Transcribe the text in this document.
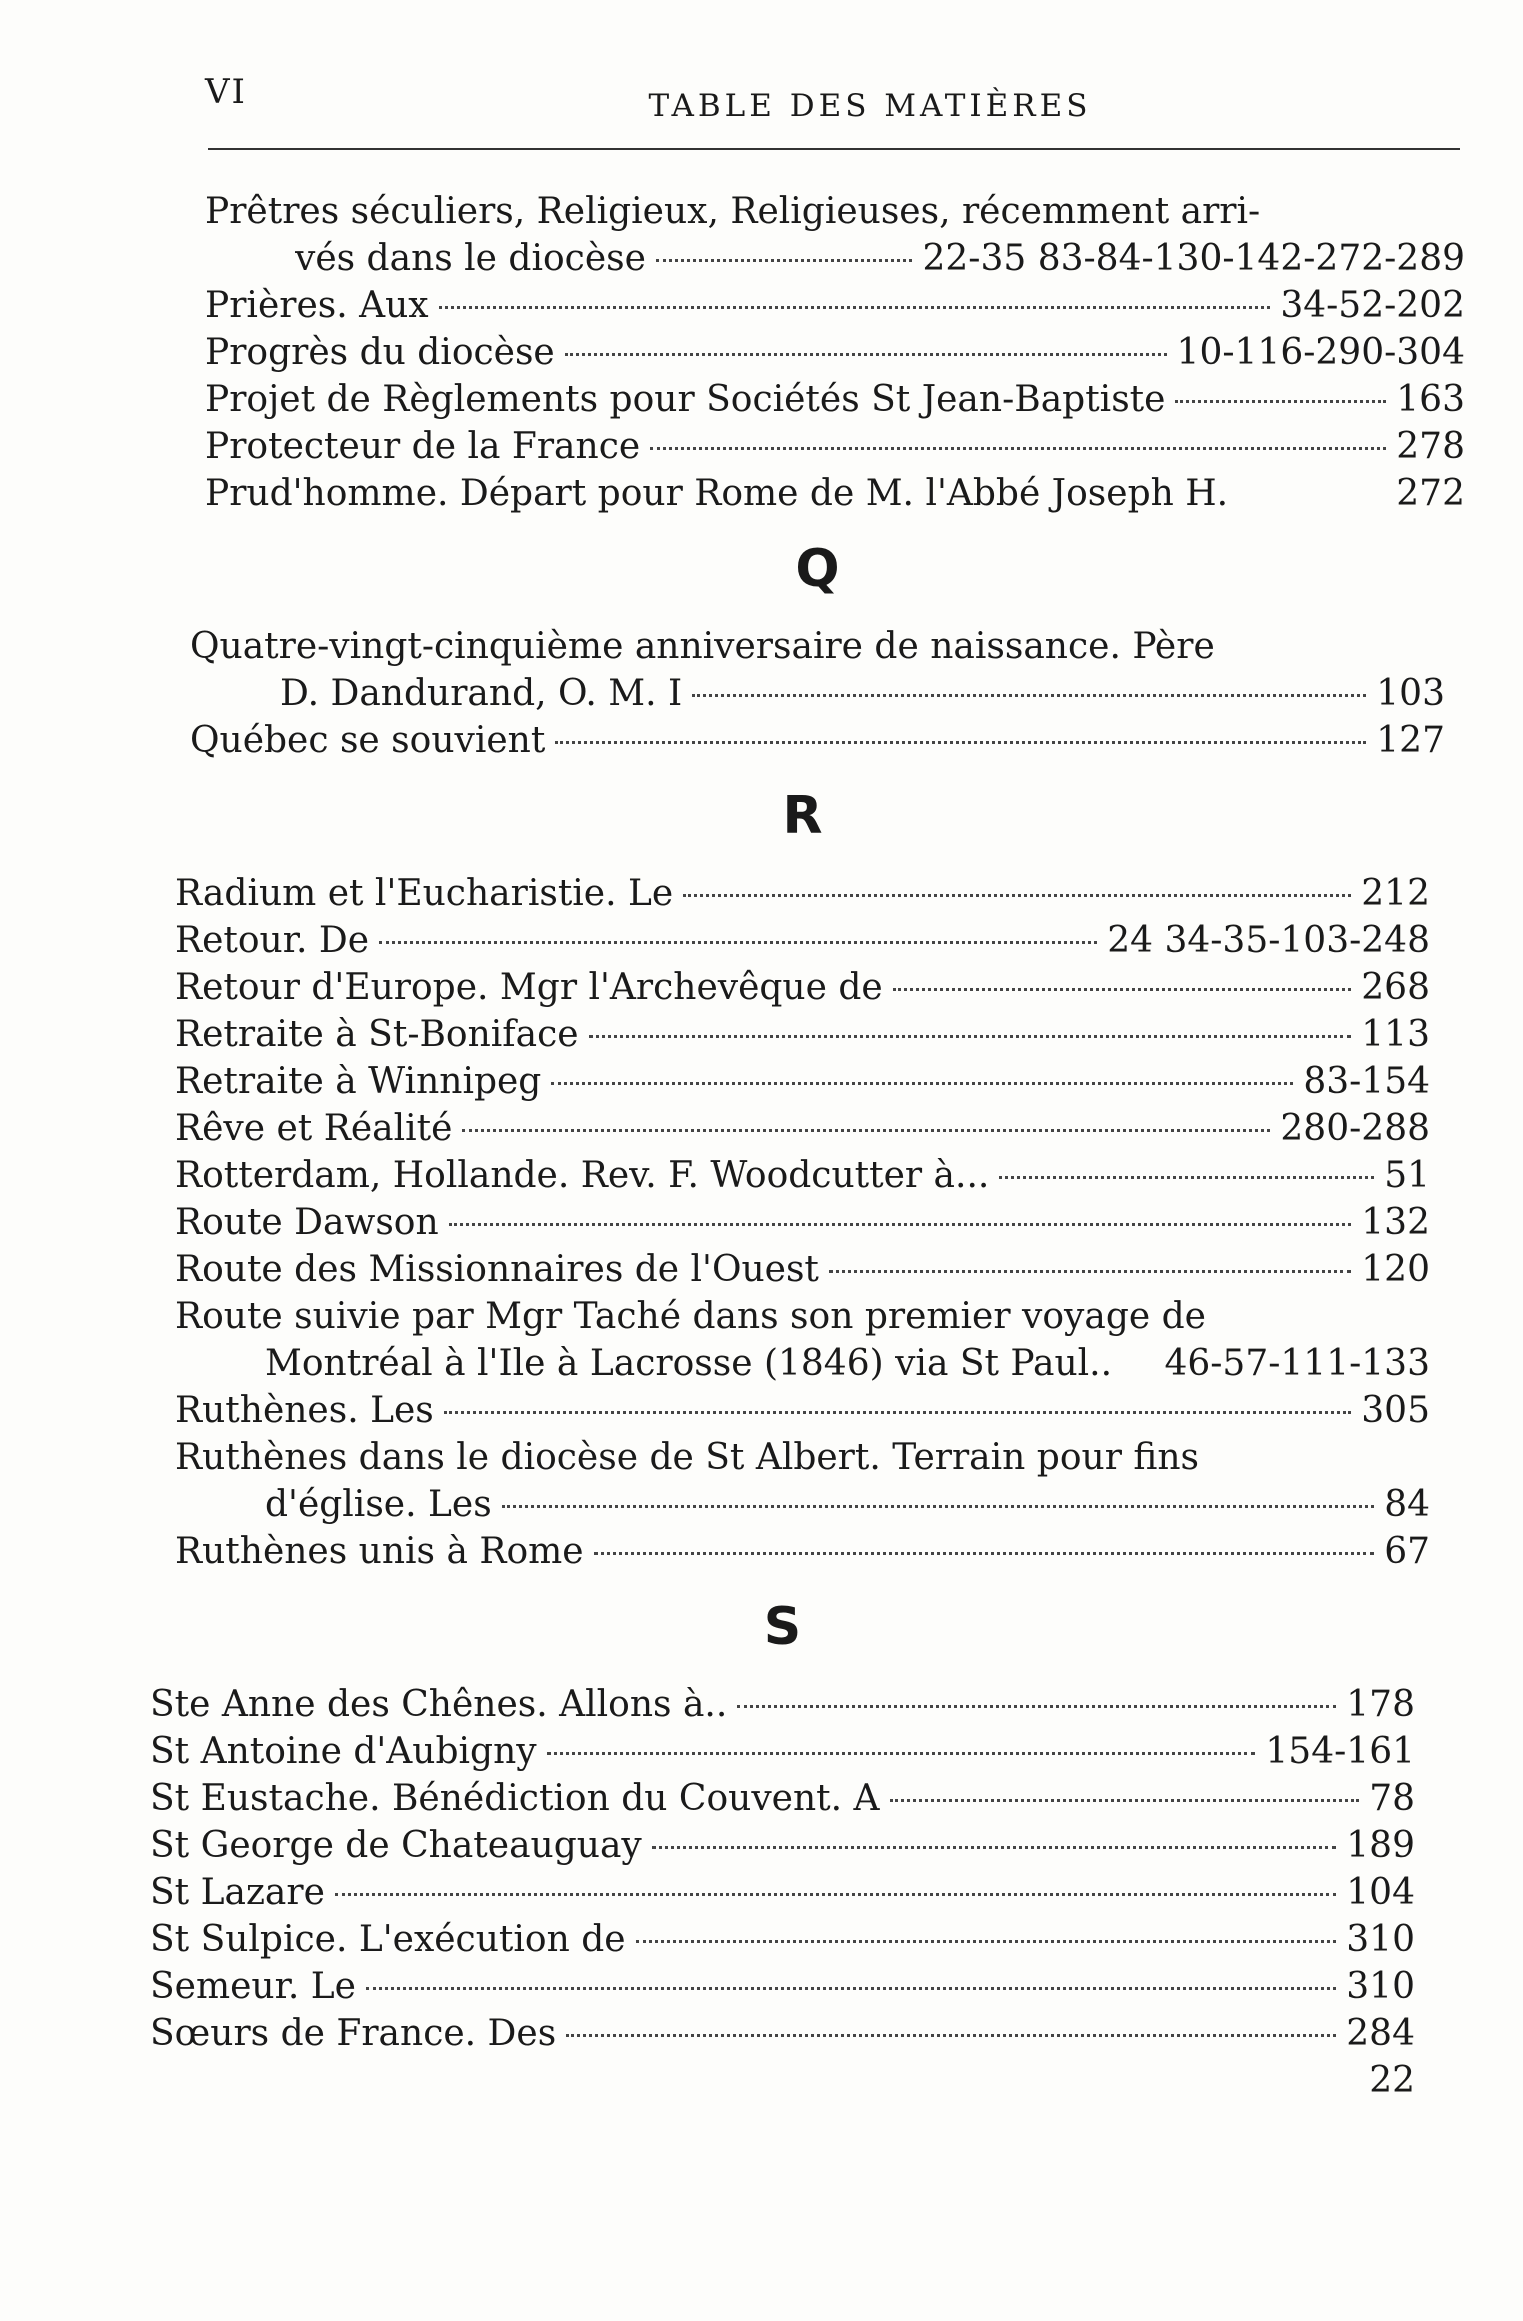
VI	TABLE DES MATIÈRES
Prêtres séculiers, Religieux, Religieuses, récemment arri-
vés dans le diocèse	22-35 83-84-130-142-272-289
Prières. Aux	34-52-202
Progrès du diocèse	10-116-290-304
Projet de Règlements pour Sociétés St Jean-Baptiste	163
Protecteur de la France	278
Prud'homme. Départ pour Rome de M. l'Abbé Joseph H.	272
Q
Quatre-vingt-cinquième anniversaire de naissance. Père
D. Dandurand, O. M. I	103
Québec se souvient	127
R
Radium et l'Eucharistie. Le	212
Retour. De	24 34-35-103-248
Retour d'Europe. Mgr l'Archevêque de	268
Retraite à St-Boniface	113
Retraite à Winnipeg	83-154
Rêve et Réalité	280-288
Rotterdam, Hollande. Rev. F. Woodcutter à...	51
Route Dawson	132
Route des Missionnaires de l'Ouest	120
Route suivie par Mgr Taché dans son premier voyage de
Montréal à l'Ile à Lacrosse (1846) via St Paul.. 46-57-111-133
Ruthènes. Les	305
Ruthènes dans le diocèse de St Albert. Terrain pour fins
d'église. Les	84
Ruthènes unis à Rome	67
S
Ste Anne des Chênes. Allons à..	178
St Antoine d'Aubigny	154-161
St Eustache. Bénédiction du Couvent. A	78
St George de Chateauguay	189
St Lazare	104
St Sulpice. L'exécution de	310
Semeur. Le	310
Sœurs de France. Des	284
22
